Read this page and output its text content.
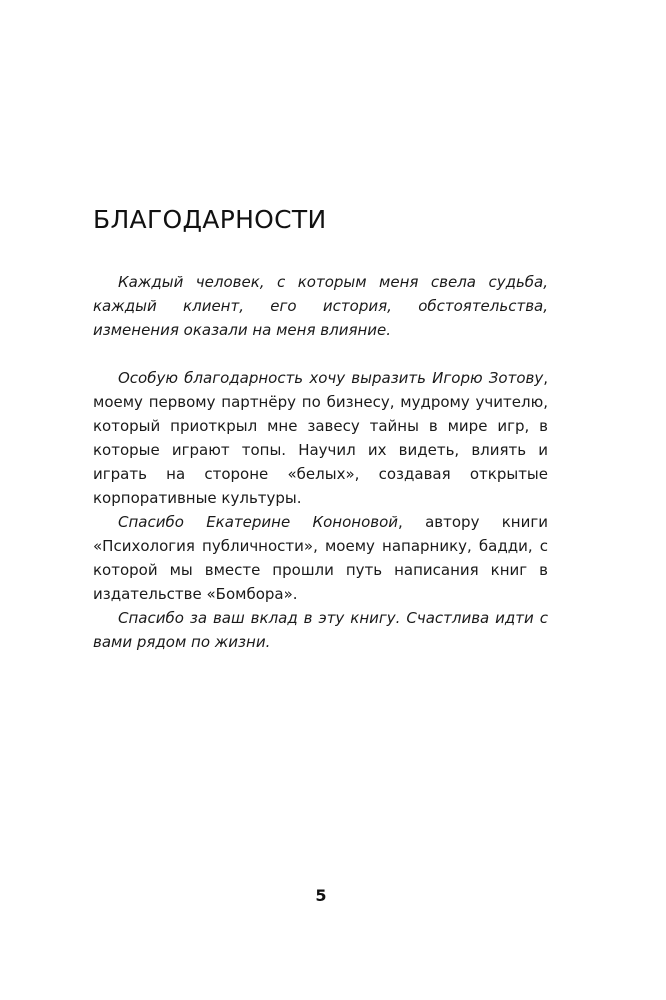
БЛАГОДАРНОСТИ

Каждый человек, с которым меня свела судьба, каждый клиент, его история, обстоятельства, изменения оказали на меня влияние.

Особую благодарность хочу выразить Игорю Зотову, моему первому партнёру по бизнесу, мудрому учителю, который приоткрыл мне завесу тайны в мире игр, в которые играют топы. Научил их видеть, влиять и играть на стороне «белых», создавая открытые корпоративные культуры.

Спасибо Екатерине Кононовой, автору книги «Психология публичности», моему напарнику, бадди, с которой мы вместе прошли путь написания книг в издательстве «Бомбора».

Спасибо за ваш вклад в эту книгу. Счастлива идти с вами рядом по жизни.

5
